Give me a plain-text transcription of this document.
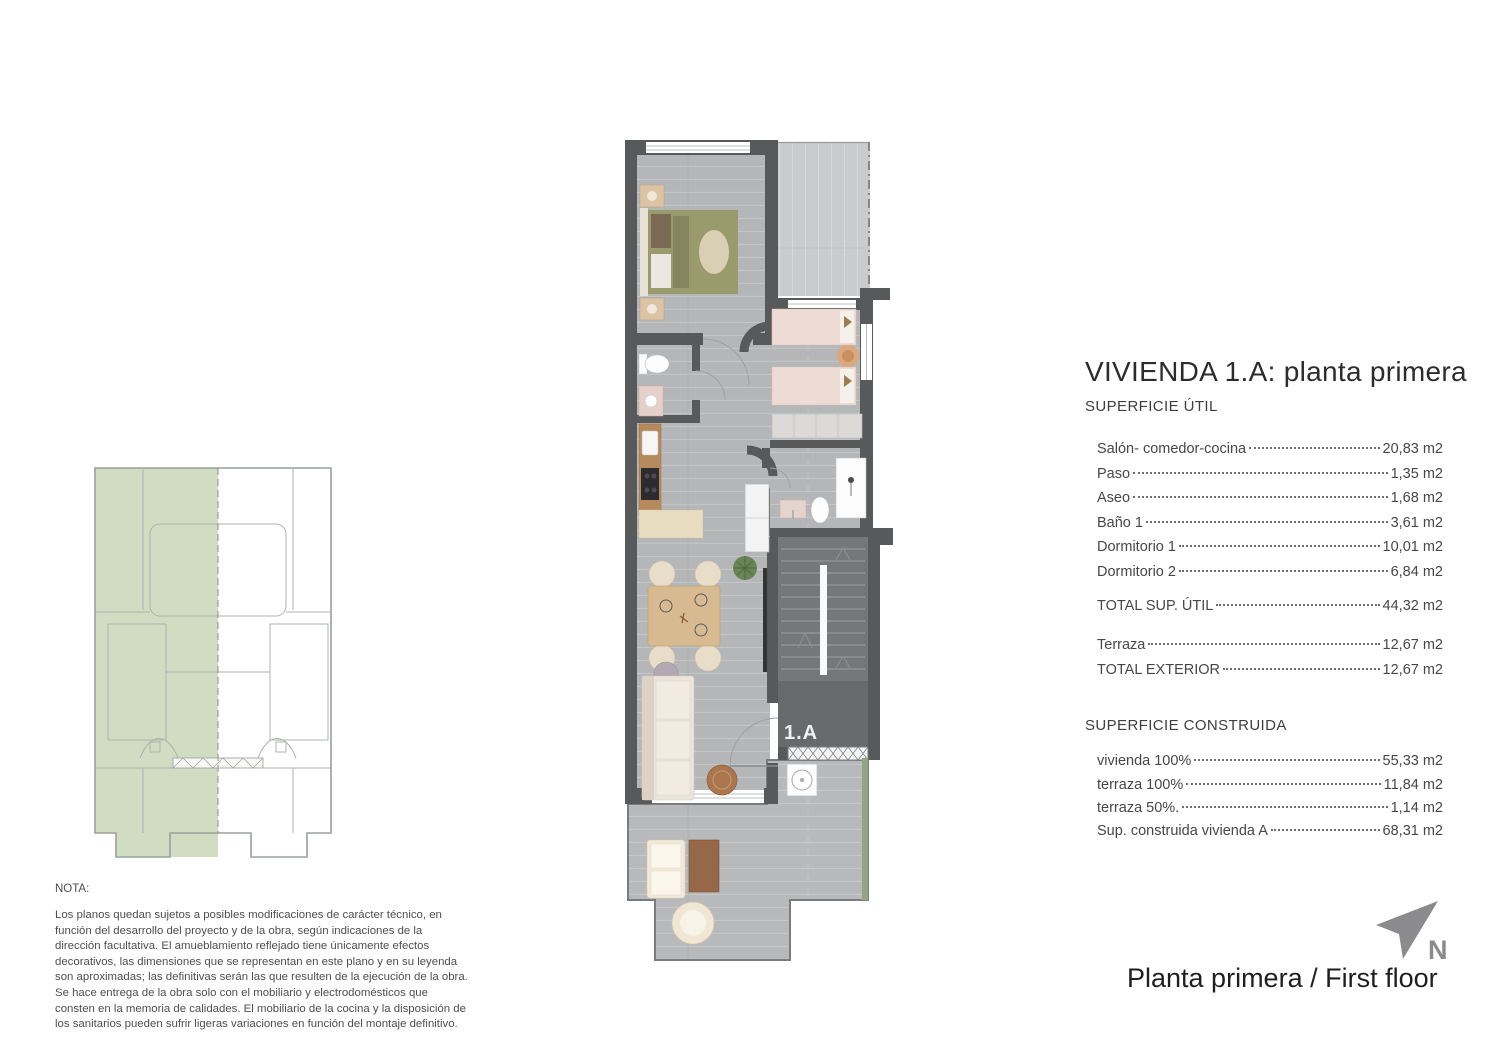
1.A
VIVIENDA 1.A: planta primera
SUPERFICIE ÚTIL
Salón- comedor-cocina	20,83 m2
Paso	1,35 m2
Aseo	1,68 m2
Baño 1	3,61 m2
Dormitorio 1	10,01 m2
Dormitorio 2	6,84 m2
TOTAL SUP. ÚTIL	44,32 m2
Terraza	12,67 m2
TOTAL EXTERIOR	12,67 m2
SUPERFICIE CONSTRUIDA
vivienda 100%	55,33 m2
terraza 100%	11,84 m2
terraza 50%.	1,14 m2
Sup. construida vivienda A	68,31 m2
NOTA:
Los planos quedan sujetos a posibles modificaciones de carácter técnico, en función del desarrollo del proyecto y de la obra, según indicaciones de la dirección facultativa. El amueblamiento reflejado tiene únicamente efectos decorativos, las dimensiones que se representan en este plano y en su leyenda son aproximadas; las definitivas serán las que resulten de la ejecución de la obra. Se hace entrega de la obra solo con el mobiliario y electrodomésticos que consten en la memoria de calidades. El mobiliario de la cocina y la disposición de los sanitarios pueden sufrir ligeras variaciones en función del montaje definitivo.
N
Planta primera / First floor
